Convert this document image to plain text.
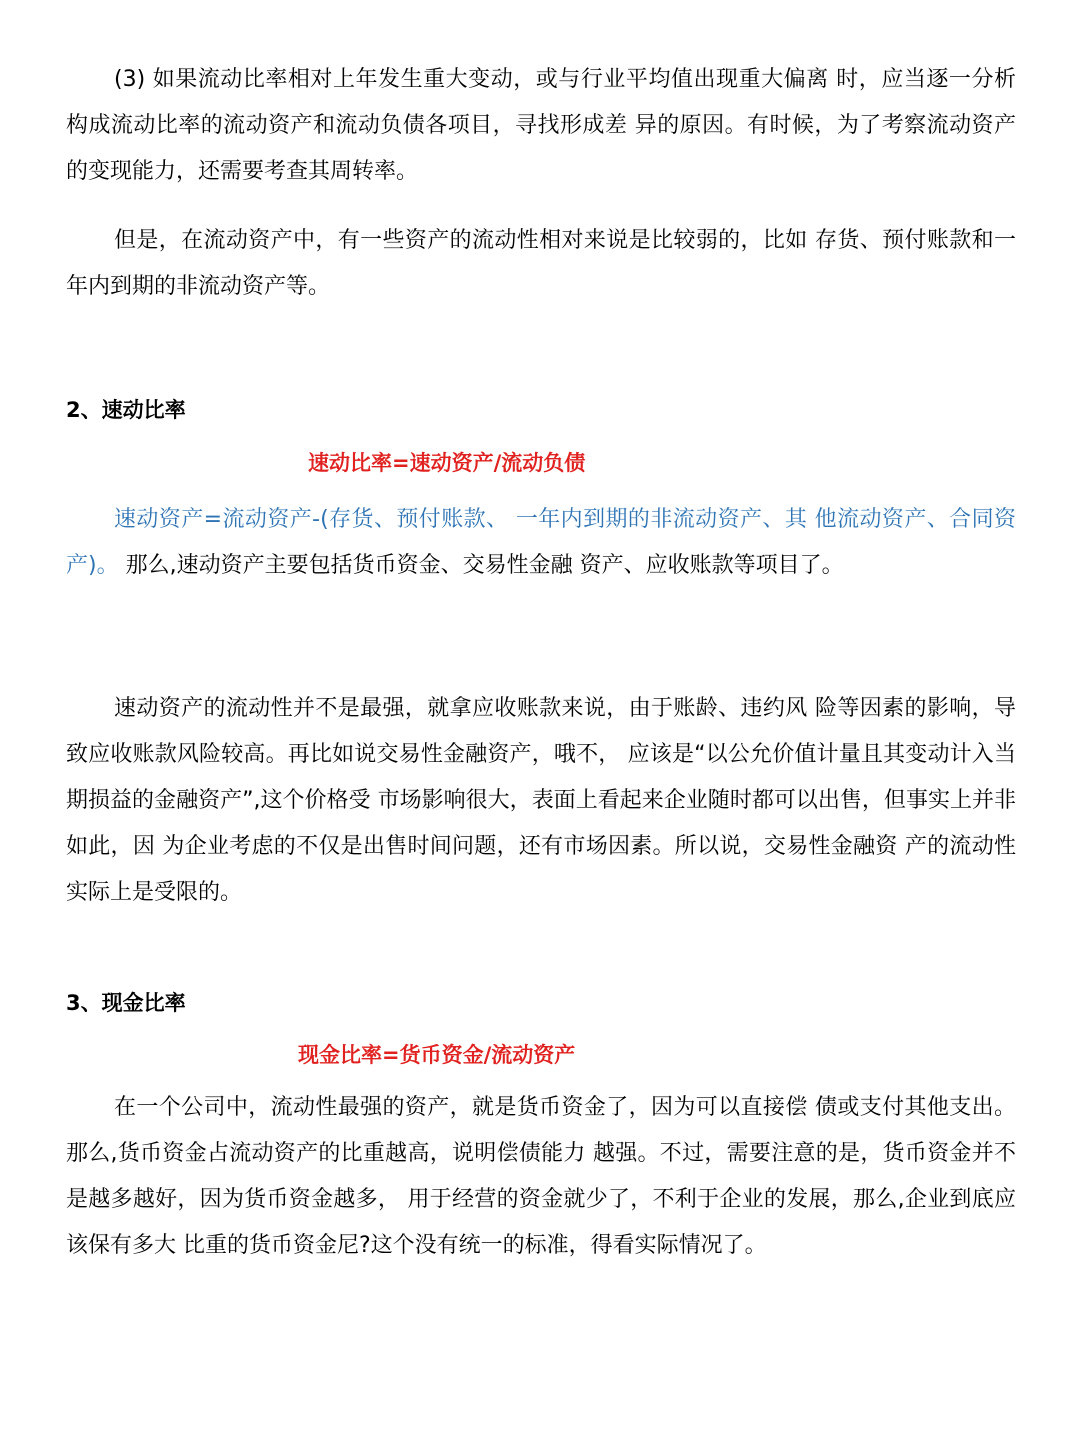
(3) 如果流动比率相对上年发生重大变动，或与行业平均值出现重大偏离 时，应当逐一分析构成流动比率的流动资产和流动负债各项目，寻找形成差 异的原因。有时候，为了考察流动资产的变现能力，还需要考查其周转率。

但是，在流动资产中，有一些资产的流动性相对来说是比较弱的，比如 存货、预付账款和一年内到期的非流动资产等。

2、速动比率

速动比率=速动资产/流动负债

速动资产=流动资产-(存货、预付账款、 一年内到期的非流动资产、其 他流动资产、合同资产)。 那么,速动资产主要包括货币资金、交易性金融 资产、应收账款等项目了。

速动资产的流动性并不是最强，就拿应收账款来说，由于账龄、违约风 险等因素的影响，导致应收账款风险较高。再比如说交易性金融资产，哦不， 应该是“以公允价值计量且其变动计入当期损益的金融资产”,这个价格受 市场影响很大，表面上看起来企业随时都可以出售，但事实上并非如此，因 为企业考虑的不仅是出售时间问题，还有市场因素。所以说，交易性金融资 产的流动性实际上是受限的。

3、现金比率

现金比率=货币资金/流动资产

在一个公司中，流动性最强的资产，就是货币资金了，因为可以直接偿 债或支付其他支出。那么,货币资金占流动资产的比重越高，说明偿债能力 越强。不过，需要注意的是，货币资金并不是越多越好，因为货币资金越多， 用于经营的资金就少了，不利于企业的发展，那么,企业到底应该保有多大 比重的货币资金尼?这个没有统一的标准，得看实际情况了。
